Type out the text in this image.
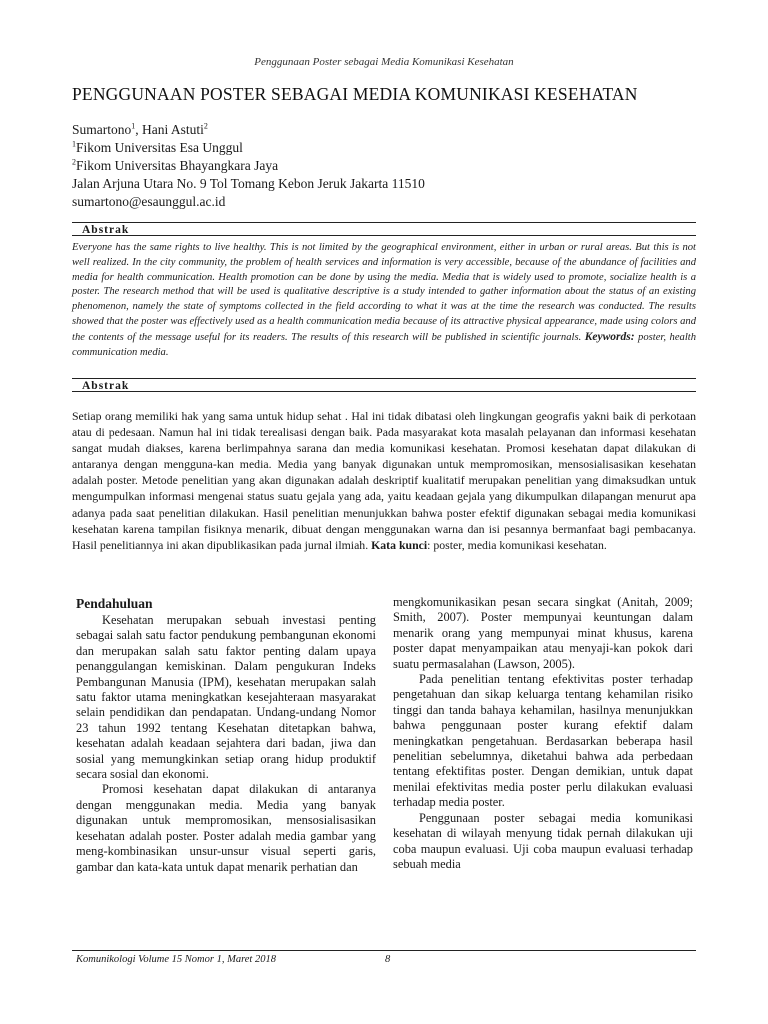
Penggunaan Poster sebagai Media Komunikasi Kesehatan
PENGGUNAAN POSTER SEBAGAI MEDIA KOMUNIKASI KESEHATAN
Sumartono$^1$, Hani Astuti$^2$
$^1$Fikom Universitas Esa Unggul
$^2$Fikom Universitas Bhayangkara Jaya
Jalan Arjuna Utara No. 9 Tol Tomang Kebon Jeruk Jakarta 11510
sumartono@esaunggul.ac.id
Abstrak
Everyone has the same rights to live healthy. This is not limited by the geographical environment, either in urban or rural areas. But this is not well realized. In the city community, the problem of health services and information is very accessible, because of the abundance of facilities and media for health communication. Health promotion can be done by using the media. Media that is widely used to promote, socialize health is a poster. The research method that will be used is qualitative descriptive is a study intended to gather information about the status of an existing phenomenon, namely the state of symptoms collected in the field according to what it was at the time the research was conducted. The results showed that the poster was effectively used as a health communication media because of its attractive physical appearance, made using colors and the contents of the message useful for its readers. The results of this research will be published in scientific journals. Keywords: poster, health communication media.
Abstrak
Setiap orang memiliki hak yang sama untuk hidup sehat . Hal ini tidak dibatasi oleh lingkungan geografis yakni baik di perkotaan atau di pedesaan. Namun hal ini tidak terealisasi dengan baik. Pada masyarakat kota masalah pelayanan dan informasi kesehatan sangat mudah diakses, karena berlimpahnya sarana dan media komunikasi kesehatan. Promosi kesehatan dapat dilakukan di antaranya dengan mengguna-kan media. Media yang banyak digunakan untuk mempromosikan, mensosialisasikan kesehatan adalah poster. Metode penelitian yang akan digunakan adalah deskriptif kualitatif merupakan penelitian yang dimaksudkan untuk mengumpulkan informasi mengenai status suatu gejala yang ada, yaitu keadaan gejala yang dikumpulkan dilapangan menurut apa adanya pada saat penelitian dilakukan. Hasil penelitian menunjukkan bahwa poster efektif digunakan sebagai media komunikasi kesehatan karena tampilan fisiknya menarik, dibuat dengan menggunakan warna dan isi pesannya bermanfaat bagi pembacanya. Hasil penelitiannya ini akan dipublikasikan pada jurnal ilmiah. Kata kunci: poster, media komunikasi kesehatan.
Pendahuluan

Kesehatan merupakan sebuah investasi penting sebagai salah satu factor pendukung pembangunan ekonomi dan merupakan salah satu faktor penting dalam upaya penanggulangan kemiskinan. Dalam pengukuran Indeks Pembangunan Manusia (IPM), kesehatan merupakan salah satu faktor utama meningkatkan kesejahteraan masyarakat selain pendidikan dan pendapatan. Undang-undang Nomor 23 tahun 1992 tentang Kesehatan ditetapkan bahwa, kesehatan adalah keadaan sejahtera dari badan, jiwa dan sosial yang memungkinkan setiap orang hidup produktif secara sosial dan ekonomi.

Promosi kesehatan dapat dilakukan di antaranya dengan menggunakan media. Media yang banyak digunakan untuk mempromosikan, mensosialisasikan kesehatan adalah poster. Poster adalah media gambar yang meng-kombinasikan unsur-unsur visual seperti garis, gambar dan kata-kata untuk dapat menarik perhatian dan

mengkomunikasikan pesan secara singkat (Anitah, 2009; Smith, 2007). Poster mempunyai keuntungan dalam menarik orang yang mempunyai minat khusus, karena poster dapat menyampaikan atau menyaji-kan pokok dari suatu permasalahan (Lawson, 2005).

Pada penelitian tentang efektivitas poster terhadap pengetahuan dan sikap keluarga tentang kehamilan risiko tinggi dan tanda bahaya kehamilan, hasilnya menunjukkan bahwa penggunaan poster kurang efektif dalam meningkatkan pengetahuan. Berdasarkan beberapa hasil penelitian sebelumnya, diketahui bahwa ada perbedaan tentang efektifitas poster. Dengan demikian, untuk dapat menilai efektivitas media poster perlu dilakukan evaluasi terhadap media poster.

Penggunaan poster sebagai media komunikasi kesehatan di wilayah menyung tidak pernah dilakukan uji coba maupun evaluasi. Uji coba maupun evaluasi terhadap sebuah media

Komunikologi Volume 15 Nomor 1, Maret 2018	8
